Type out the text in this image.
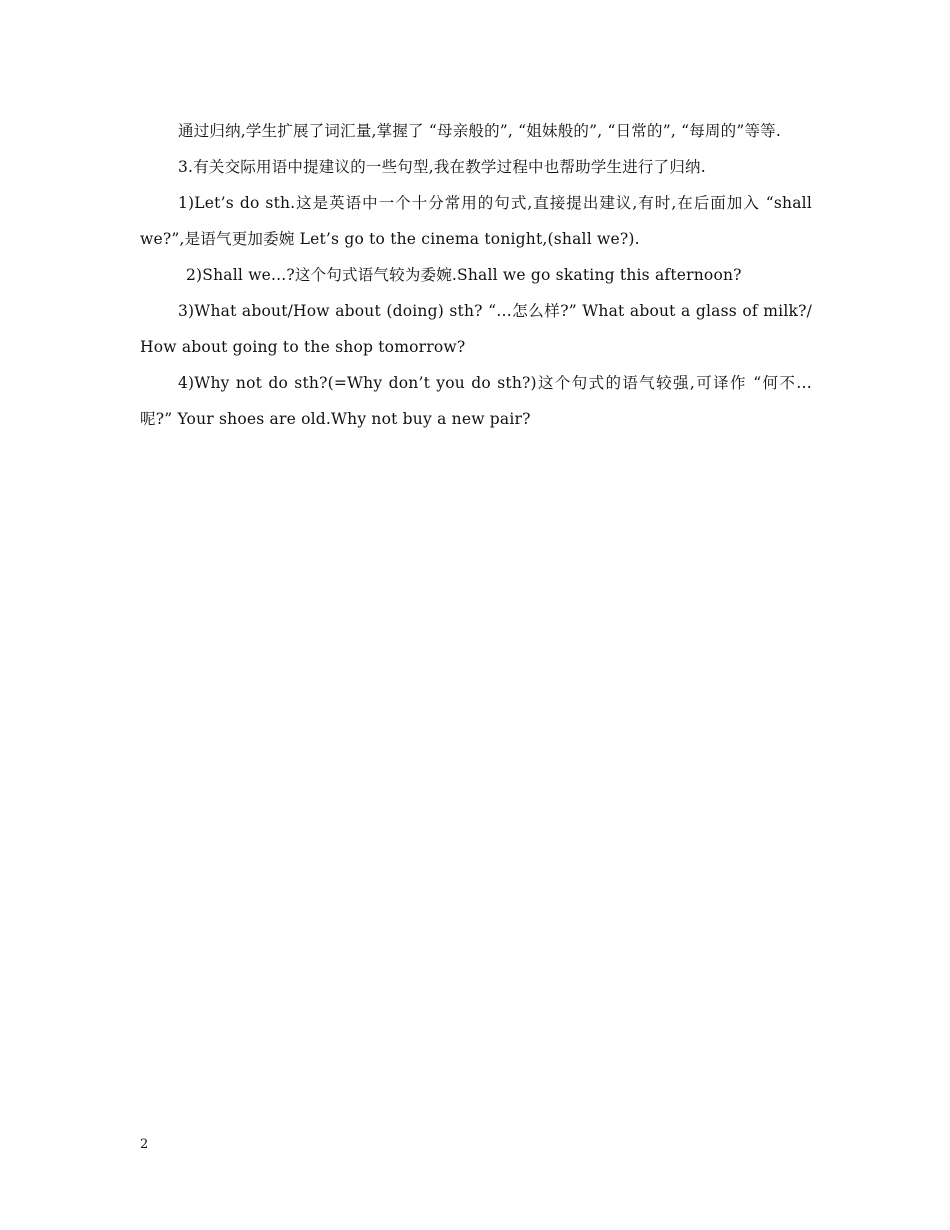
通过归纳,学生扩展了词汇量,掌握了 “母亲般的”, “姐妹般的”, “日常的”, “每周的”等等.

3.有关交际用语中提建议的一些句型,我在教学过程中也帮助学生进行了归纳.

1)Let’s do sth.这是英语中一个十分常用的句式,直接提出建议,有时,在后面加入 “shall we?”,是语气更加委婉 Let’s go to the cinema tonight,(shall we?).

2)Shall we...?这个句式语气较为委婉.Shall we go skating this afternoon?

3)What about/How about (doing) sth? “…怎么样?” What about a glass of milk?/ How about going to the shop tomorrow?

4)Why not do sth?(=Why don’t you do sth?)这个句式的语气较强,可译作 “何不…呢?” Your shoes are old.Why not buy a new pair?

2
